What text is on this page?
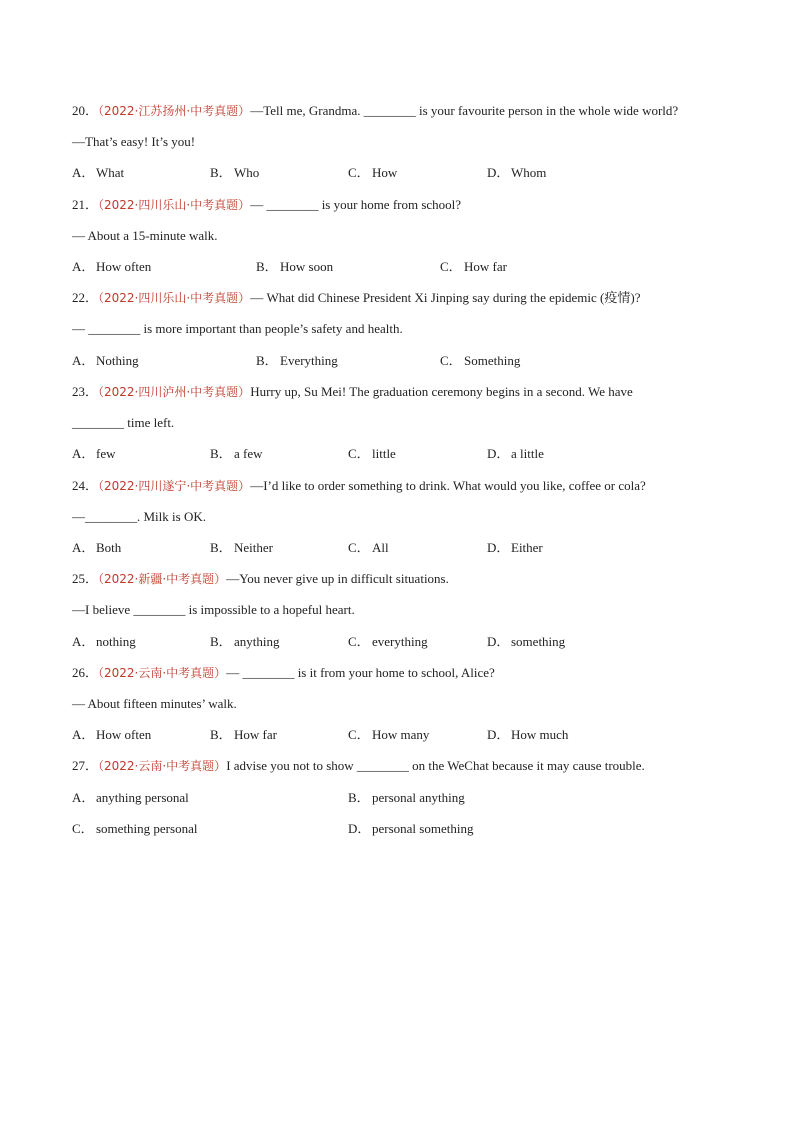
20．（2022·江苏扬州·中考真题）—Tell me, Grandma. ________ is your favourite person in the whole wide world?
—That’s easy! It’s you!
A． What	B． Who	C． How	D． Whom
21．（2022·四川乐山·中考真题）— ________ is your home from school?
— About a 15-minute walk.
A． How often	B． How soon	C． How far
22．（2022·四川乐山·中考真题）— What did Chinese President Xi Jinping say during the epidemic (疫情)?
— ________ is more important than people’s safety and health.
A． Nothing	B． Everything	C． Something
23．（2022·四川泸州·中考真题）Hurry up, Su Mei! The graduation ceremony begins in a second. We have
________ time left.
A． few	B． a few	C． little	D． a little
24．（2022·四川遂宁·中考真题）—I’d like to order something to drink. What would you like, coffee or cola?
—________. Milk is OK.
A． Both	B． Neither	C． All	D． Either
25．（2022·新疆·中考真题）—You never give up in difficult situations.
—I believe ________ is impossible to a hopeful heart.
A． nothing	B． anything	C． everything	D． something
26．（2022·云南·中考真题）— ________ is it from your home to school, Alice?
— About fifteen minutes’ walk.
A． How often	B． How far	C． How many	D． How much
27．（2022·云南·中考真题）I advise you not to show ________ on the WeChat because it may cause trouble.
A． anything personal	B． personal anything
C． something personal	D． personal something
